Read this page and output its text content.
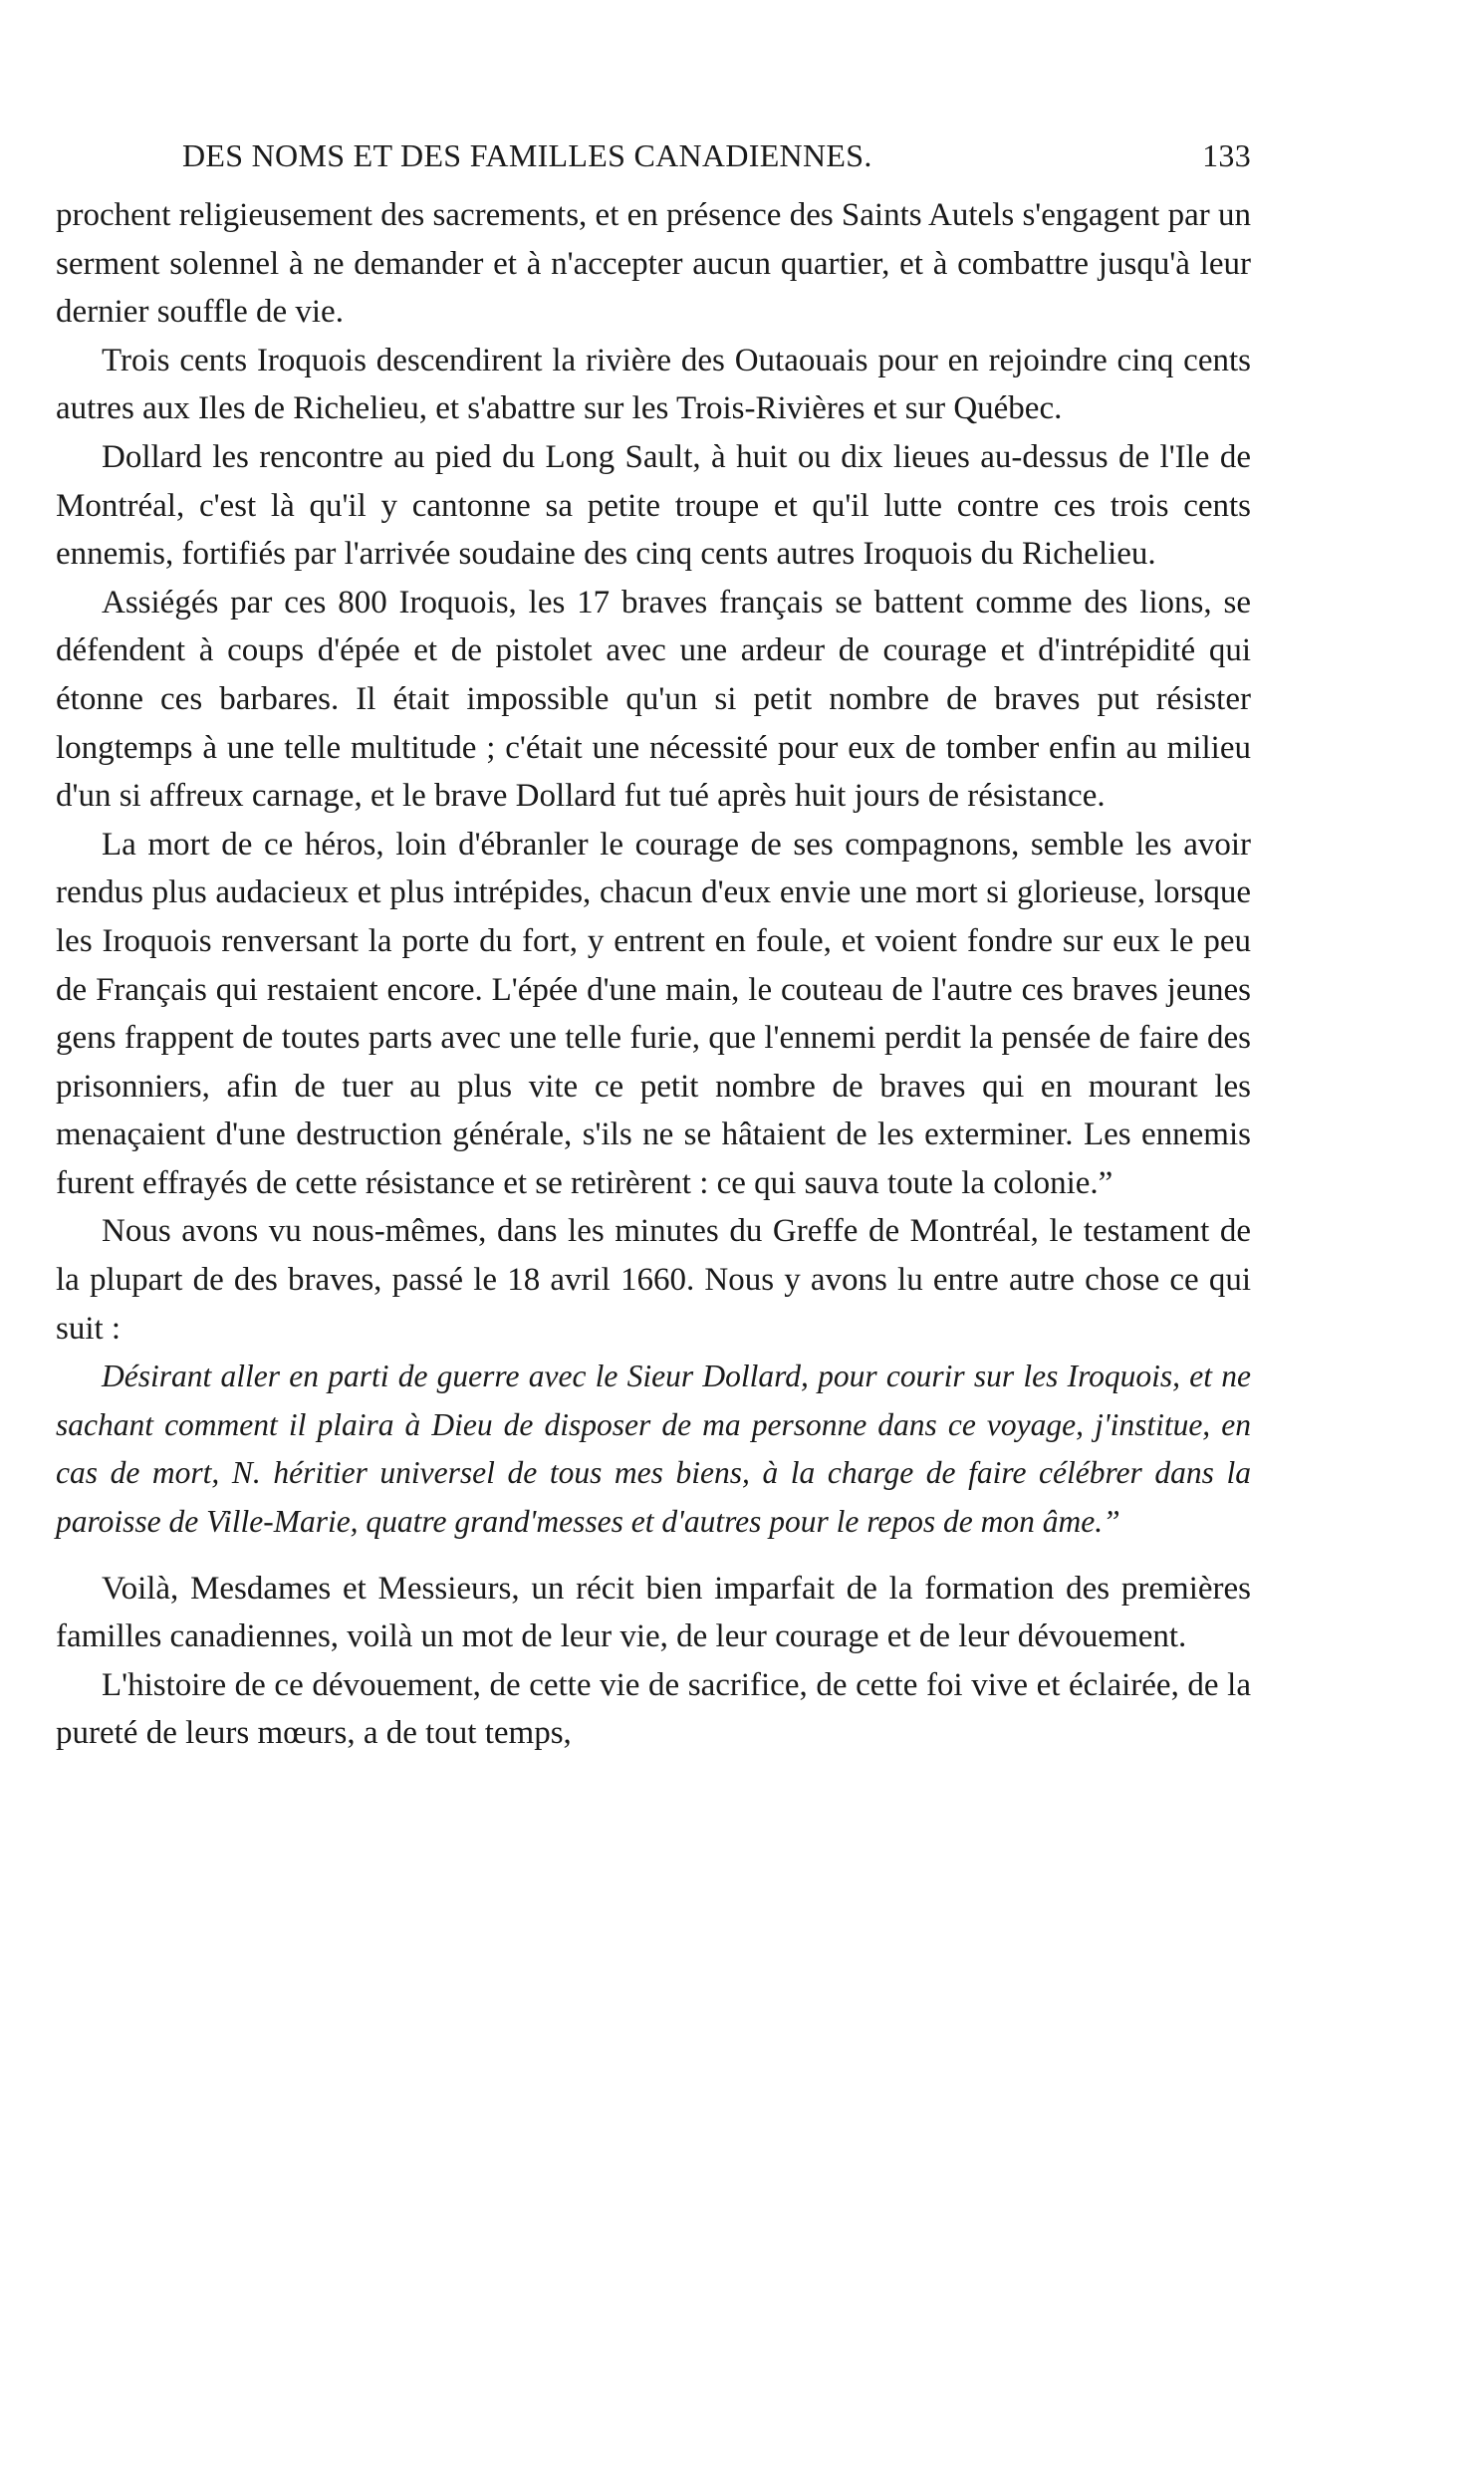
DES NOMS ET DES FAMILLES CANADIENNES.	133

prochent religieusement des sacrements, et en présence des Saints Autels s'engagent par un serment solennel à ne demander et à n'accepter aucun quartier, et à combattre jusqu'à leur dernier souffle de vie.

Trois cents Iroquois descendirent la rivière des Outaouais pour en rejoindre cinq cents autres aux Iles de Richelieu, et s'abattre sur les Trois-Rivières et sur Québec.

Dollard les rencontre au pied du Long Sault, à huit ou dix lieues au-dessus de l'Ile de Montréal, c'est là qu'il y cantonne sa petite troupe et qu'il lutte contre ces trois cents ennemis, fortifiés par l'arrivée soudaine des cinq cents autres Iroquois du Richelieu.

Assiégés par ces 800 Iroquois, les 17 braves français se battent comme des lions, se défendent à coups d'épée et de pistolet avec une ardeur de courage et d'intrépidité qui étonne ces barbares. Il était impossible qu'un si petit nombre de braves put résister longtemps à une telle multitude ; c'était une nécessité pour eux de tomber enfin au milieu d'un si affreux carnage, et le brave Dollard fut tué après huit jours de résistance.

La mort de ce héros, loin d'ébranler le courage de ses compagnons, semble les avoir rendus plus audacieux et plus intrépides, chacun d'eux envie une mort si glorieuse, lorsque les Iroquois renversant la porte du fort, y entrent en foule, et voient fondre sur eux le peu de Français qui restaient encore. L'épée d'une main, le couteau de l'autre ces braves jeunes gens frappent de toutes parts avec une telle furie, que l'ennemi perdit la pensée de faire des prisonniers, afin de tuer au plus vite ce petit nombre de braves qui en mourant les menaçaient d'une destruction générale, s'ils ne se hâtaient de les exterminer. Les ennemis furent effrayés de cette résistance et se retirèrent : ce qui sauva toute la colonie.”

Nous avons vu nous-mêmes, dans les minutes du Greffe de Montréal, le testament de la plupart de des braves, passé le 18 avril 1660. Nous y avons lu entre autre chose ce qui suit :

Désirant aller en parti de guerre avec le Sieur Dollard, pour courir sur les Iroquois, et ne sachant comment il plaira à Dieu de disposer de ma personne dans ce voyage, j'institue, en cas de mort, N. héritier universel de tous mes biens, à la charge de faire célébrer dans la paroisse de Ville-Marie, quatre grand'messes et d'autres pour le repos de mon âme.”

Voilà, Mesdames et Messieurs, un récit bien imparfait de la formation des premières familles canadiennes, voilà un mot de leur vie, de leur courage et de leur dévouement.

L'histoire de ce dévouement, de cette vie de sacrifice, de cette foi vive et éclairée, de la pureté de leurs mœurs, a de tout temps,
